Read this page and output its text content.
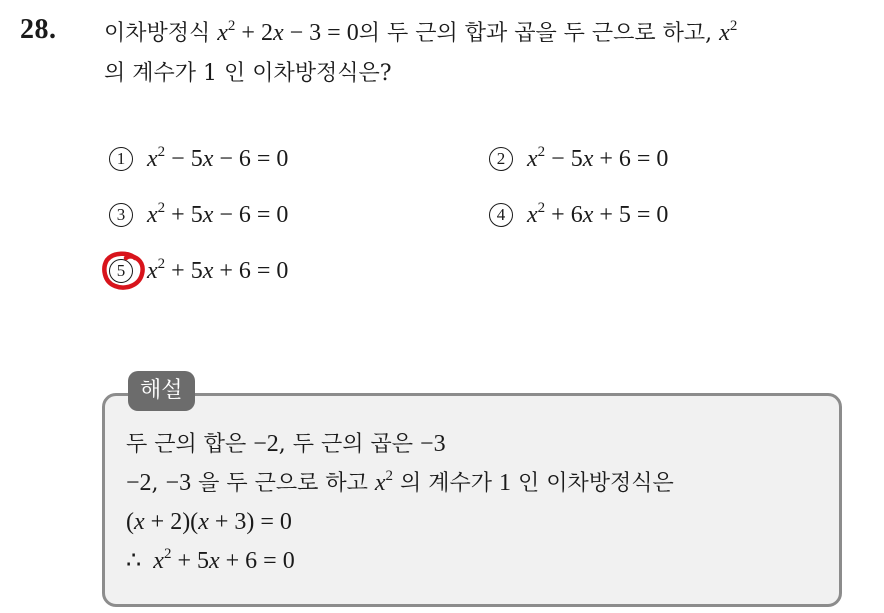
28. 이차방정식 $x^2 + 2x - 3 = 0$의 두 근의 합과 곱을 두 근으로 하고, $x^2$
의 계수가 1 인 이차방정식은?
1 $x^2 - 5x - 6 = 0$	2 $x^2 - 5x + 6 = 0$
3 $x^2 + 5x - 6 = 0$	4 $x^2 + 6x + 5 = 0$
5 $x^2 + 5x + 6 = 0$
해설
두 근의 합은 −2, 두 근의 곱은 −3
−2, −3 을 두 근으로 하고 $x^2$ 의 계수가 1 인 이차방정식은
(x + 2)(x + 3) = 0
∴  $x^2 + 5x + 6 = 0$
